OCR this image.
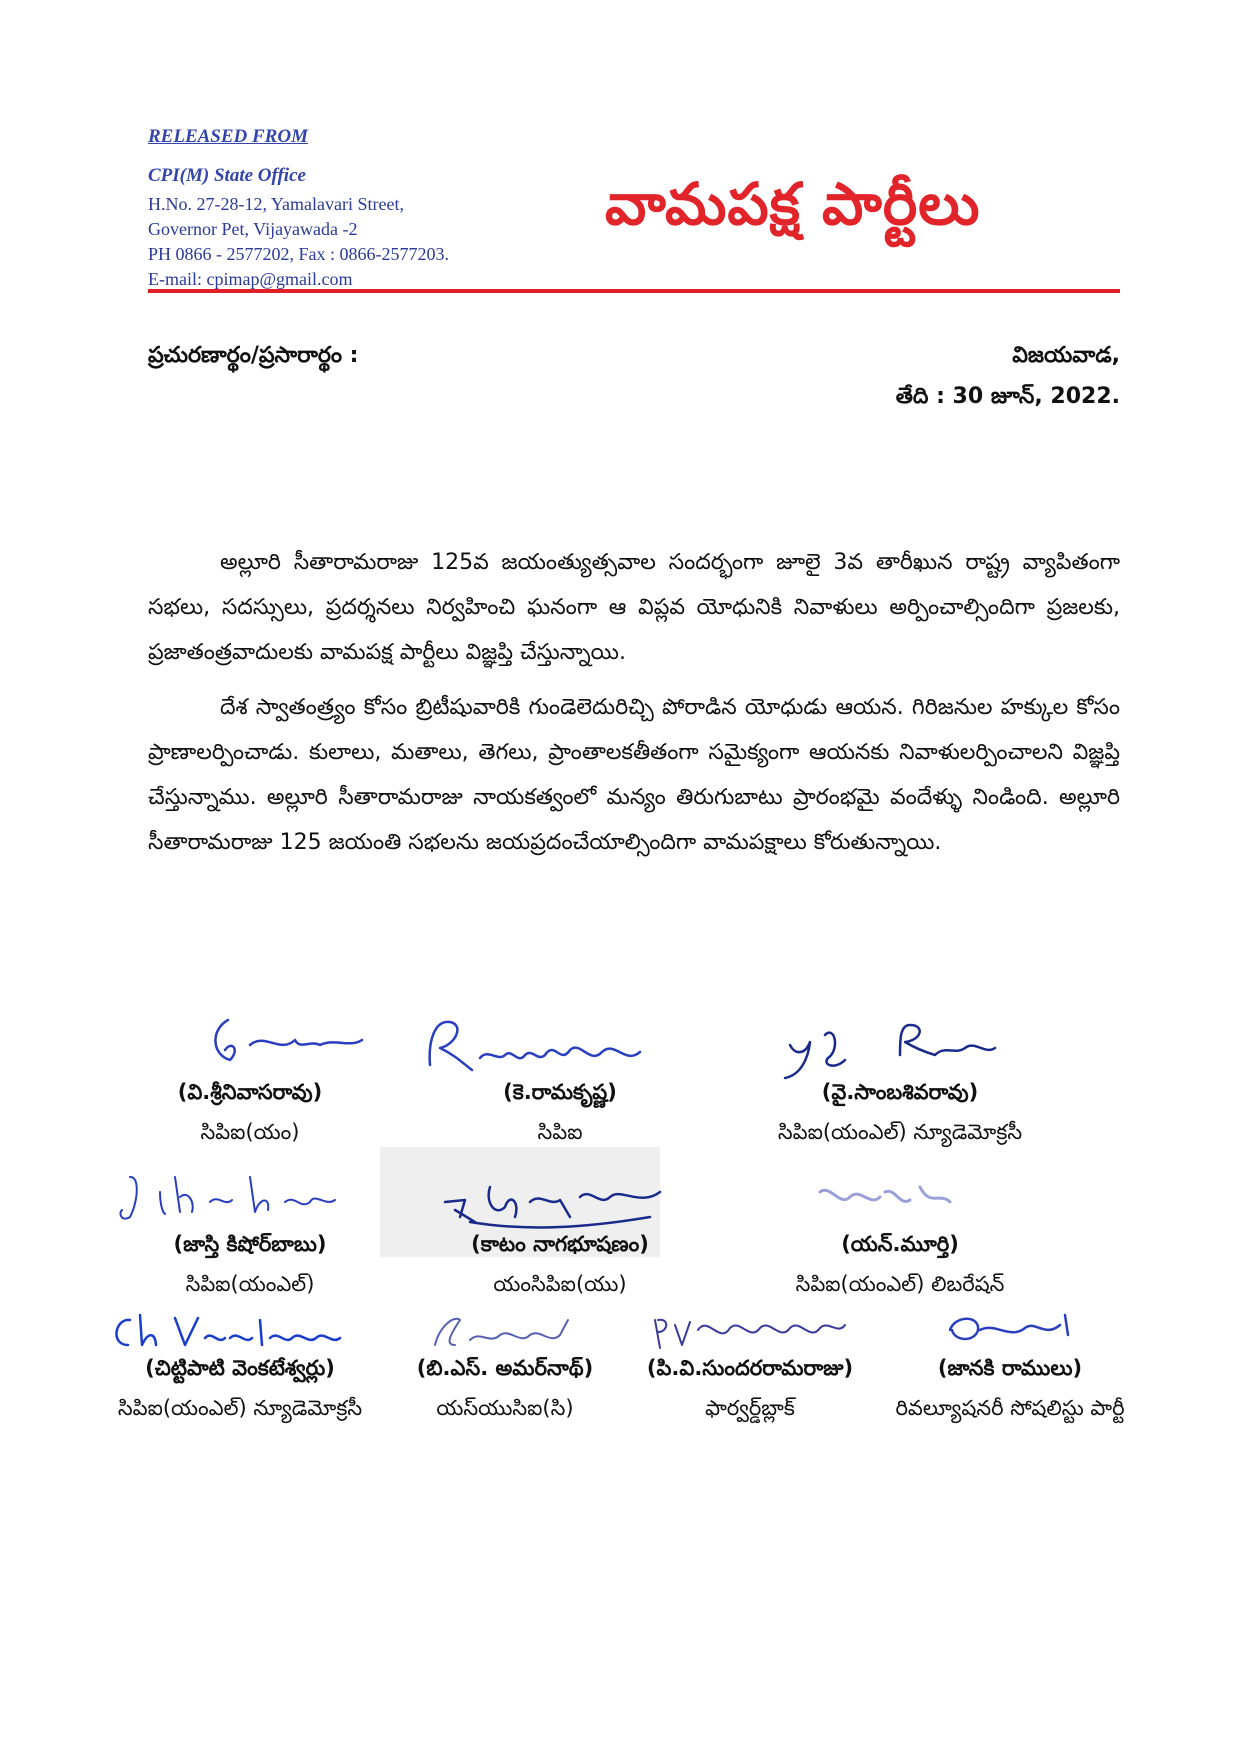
RELEASED FROM
CPI(M) State Office
H.No. 27-28-12, Yamalavari Street,
Governor Pet, Vijayawada -2
PH 0866 - 2577202, Fax : 0866-2577203.
E-mail: cpimap@gmail.com
వామపక్ష పార్టీలు
ప్రచురణార్థం/ప్రసారార్థం :	విజయవాడ,
తేది : 30 జూన్, 2022.

అల్లూరి సీతారామరాజు 125వ జయంత్యుత్సవాల సందర్భంగా జూలై 3వ తారీఖున రాష్ట్ర వ్యాపితంగా సభలు, సదస్సులు, ప్రదర్శనలు నిర్వహించి ఘనంగా ఆ విప్లవ యోధునికి నివాళులు అర్పించాల్సిందిగా ప్రజలకు, ప్రజాతంత్రవాదులకు వామపక్ష పార్టీలు విజ్ఞప్తి చేస్తున్నాయి.

దేశ స్వాతంత్ర్యం కోసం బ్రిటీషువారికి గుండెలెదురిచ్చి పోరాడిన యోధుడు ఆయన. గిరిజనుల హక్కుల కోసం ప్రాణాలర్పించాడు. కులాలు, మతాలు, తెగలు, ప్రాంతాలకతీతంగా సమైక్యంగా ఆయనకు నివాళులర్పించాలని విజ్ఞప్తి చేస్తున్నాము. అల్లూరి సీతారామరాజు నాయకత్వంలో మన్యం తిరుగుబాటు ప్రారంభమై వందేళ్ళు నిండింది. అల్లూరి సీతారామరాజు 125 జయంతి సభలను జయప్రదంచేయాల్సిందిగా వామపక్షాలు కోరుతున్నాయి.

(వి.శ్రీనివాసరావు)
సిపిఐ(యం)
(కె.రామకృష్ణ)
సిపిఐ
(వై.సాంబశివరావు)
సిపిఐ(యంఎల్) న్యూడెమోక్రసీ
(జాస్తి కిషోర్‌బాబు)
సిపిఐ(యంఎల్)
(కాటం నాగభూషణం)
యంసిపిఐ(యు)
(యన్.మూర్తి)
సిపిఐ(యంఎల్) లిబరేషన్
(చిట్టిపాటి వెంకటేశ్వర్లు)
సిపిఐ(యంఎల్) న్యూడెమోక్రసీ
(బి.ఎస్. అమర్‌నాథ్)
యస్‌యుసిఐ(సి)
(పి.వి.సుందరరామరాజు)
ఫార్వర్డ్‌బ్లాక్
(జానకి రాములు)
రివల్యూషనరీ సోషలిస్టు పార్టీ
